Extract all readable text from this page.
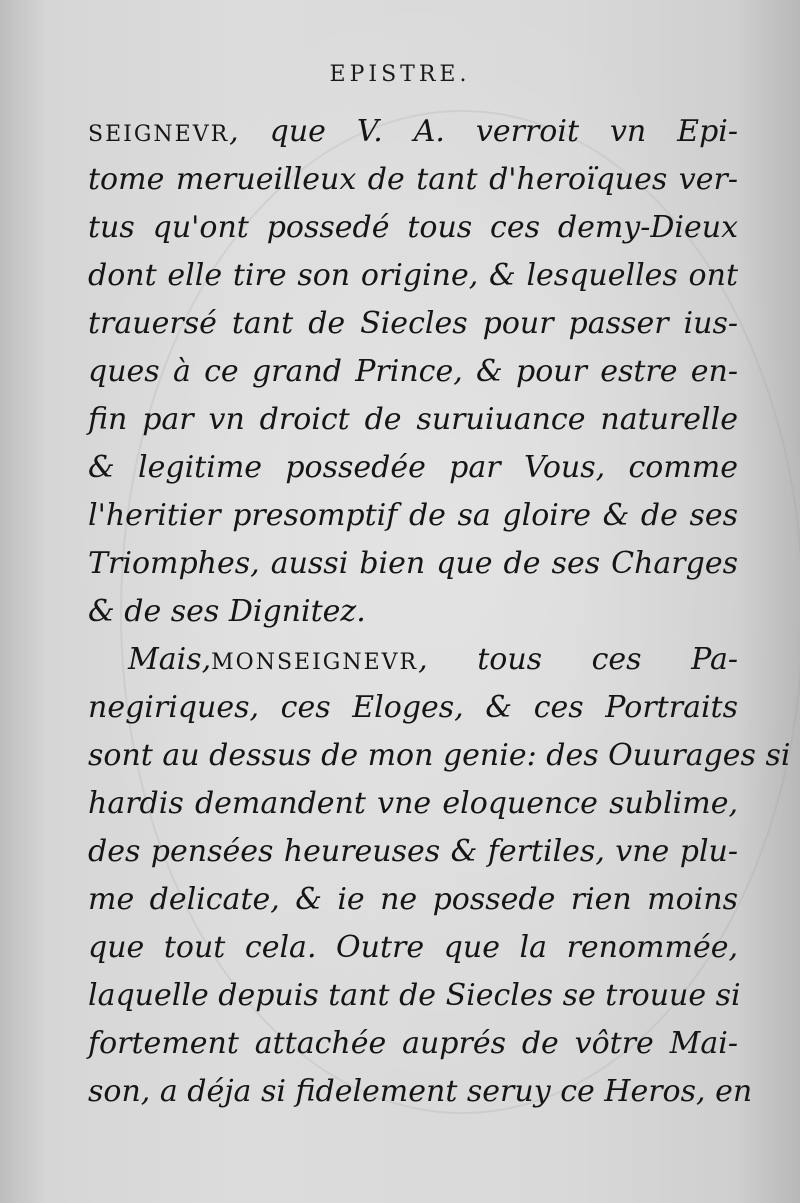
EPISTRE.
SEIGNEVR, que V. A. verroit vn Epi-
tome merueilleux de tant d'heroïques ver-
tus qu'ont possedé tous ces demy-Dieux
dont elle tire son origine, & lesquelles ont
trauersé tant de Siecles pour passer ius-
ques à ce grand Prince, & pour estre en-
fin par vn droict de suruiuance naturelle
& legitime possedée par Vous, comme
l'heritier presomptif de sa gloire & de ses
Triomphes, aussi bien que de ses Charges
& de ses Dignitez.
Mais,MONSEIGNEVR, tous ces Pa-
negiriques, ces Eloges, & ces Portraits
sont au dessus de mon genie: des Ouurages si
hardis demandent vne eloquence sublime,
des pensées heureuses & fertiles, vne plu-
me delicate, & ie ne possede rien moins
que tout cela. Outre que la renommée,
laquelle depuis tant de Siecles se trouue si
fortement attachée auprés de vôtre Mai-
son, a déja si fidelement seruy ce Heros, en
